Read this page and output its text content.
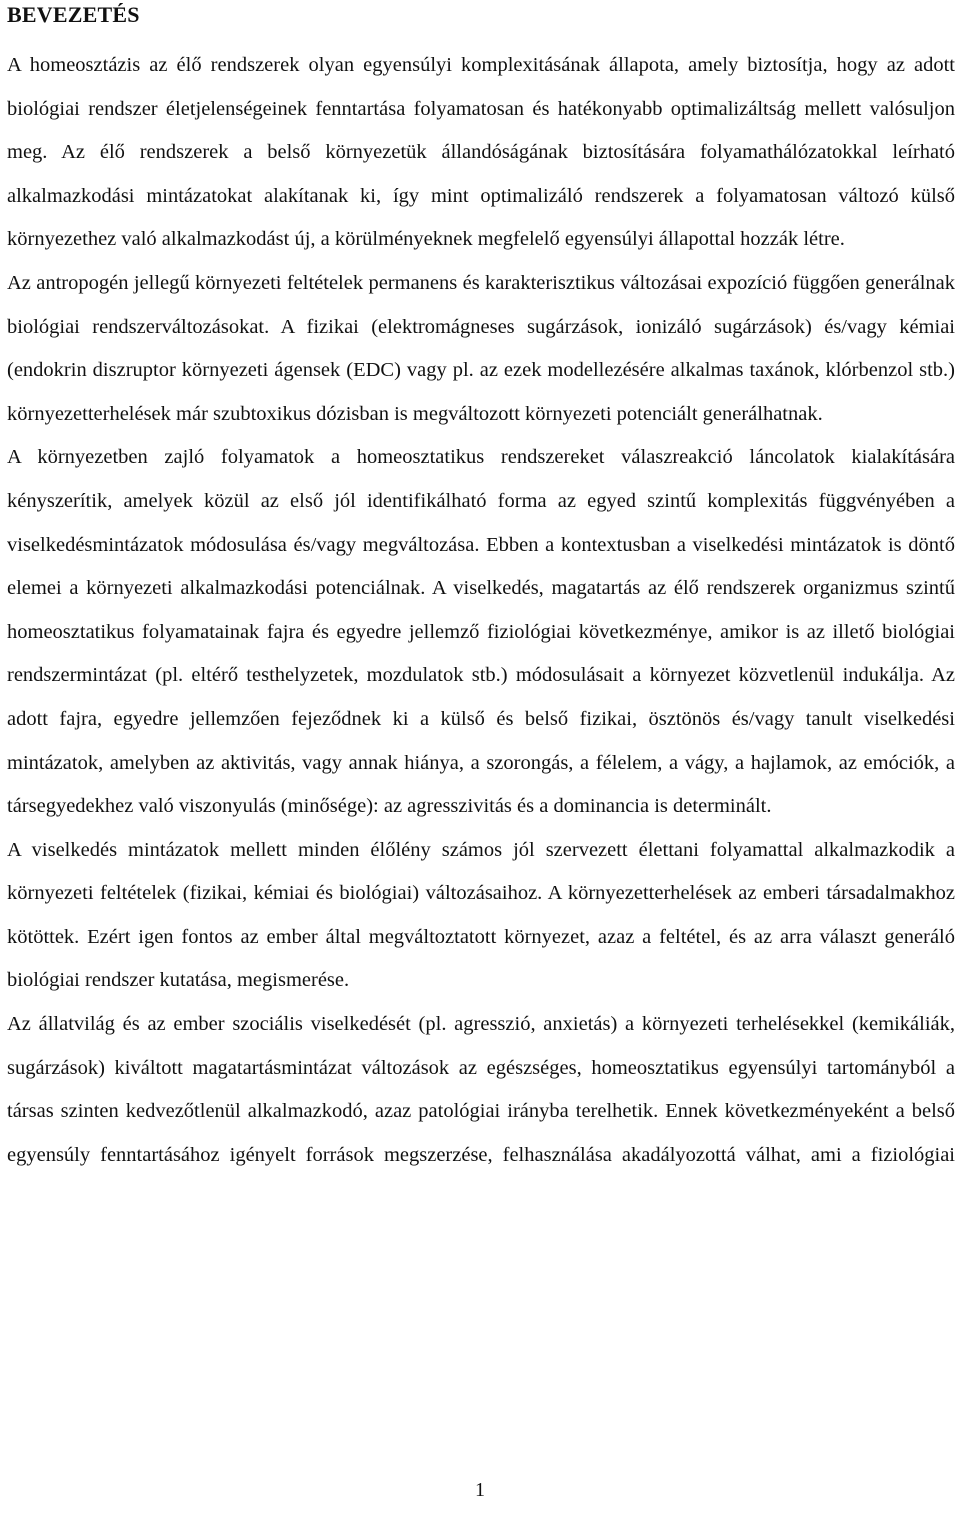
BEVEZETÉS

A homeosztázis az élő rendszerek olyan egyensúlyi komplexitásának állapota, amely biztosítja, hogy az adott biológiai rendszer életjelenségeinek fenntartása folyamatosan és hatékonyabb optimalizáltság mellett valósuljon meg. Az élő rendszerek a belső környezetük állandóságának biztosítására folyamathálózatokkal leírható alkalmazkodási mintázatokat alakítanak ki, így mint optimalizáló rendszerek a folyamatosan változó külső környezethez való alkalmazkodást új, a körülményeknek megfelelő egyensúlyi állapottal hozzák létre.

Az antropogén jellegű környezeti feltételek permanens és karakterisztikus változásai expozíció függően generálnak biológiai rendszerváltozásokat. A fizikai (elektromágneses sugárzások, ionizáló sugárzások) és/vagy kémiai (endokrin diszruptor környezeti ágensek (EDC) vagy pl. az ezek modellezésére alkalmas taxánok, klórbenzol stb.) környezetterhelések már szubtoxikus dózisban is megváltozott környezeti potenciált generálhatnak.

A környezetben zajló folyamatok a homeosztatikus rendszereket válaszreakció láncolatok kialakítására kényszerítik, amelyek közül az első jól identifikálható forma az egyed szintű komplexitás függvényében a viselkedésmintázatok módosulása és/vagy megváltozása. Ebben a kontextusban a viselkedési mintázatok is döntő elemei a környezeti alkalmazkodási potenciálnak. A viselkedés, magatartás az élő rendszerek organizmus szintű homeosztatikus folyamatainak fajra és egyedre jellemző fiziológiai következménye, amikor is az illető biológiai rendszermintázat (pl. eltérő testhelyzetek, mozdulatok stb.) módosulásait a környezet közvetlenül indukálja. Az adott fajra, egyedre jellemzően fejeződnek ki a külső és belső fizikai, ösztönös és/vagy tanult viselkedési mintázatok, amelyben az aktivitás, vagy annak hiánya, a szorongás, a félelem, a vágy, a hajlamok, az emóciók, a társegyedekhez való viszonyulás (minősége): az agresszivitás és a dominancia is determinált.

A viselkedés mintázatok mellett minden élőlény számos jól szervezett élettani folyamattal alkalmazkodik a környezeti feltételek (fizikai, kémiai és biológiai) változásaihoz. A környezetterhelések az emberi társadalmakhoz kötöttek. Ezért igen fontos az ember által megváltoztatott környezet, azaz a feltétel, és az arra választ generáló biológiai rendszer kutatása, megismerése.

Az állatvilág és az ember szociális viselkedését (pl. agresszió, anxietás) a környezeti terhelésekkel (kemikáliák, sugárzások) kiváltott magatartásmintázat változások az egészséges, homeosztatikus egyensúlyi tartományból a társas szinten kedvezőtlenül alkalmazkodó, azaz patológiai irányba terelhetik. Ennek következményeként a belső egyensúly fenntartásához igényelt források megszerzése, felhasználása akadályozottá válhat, ami a fiziológiai

1
